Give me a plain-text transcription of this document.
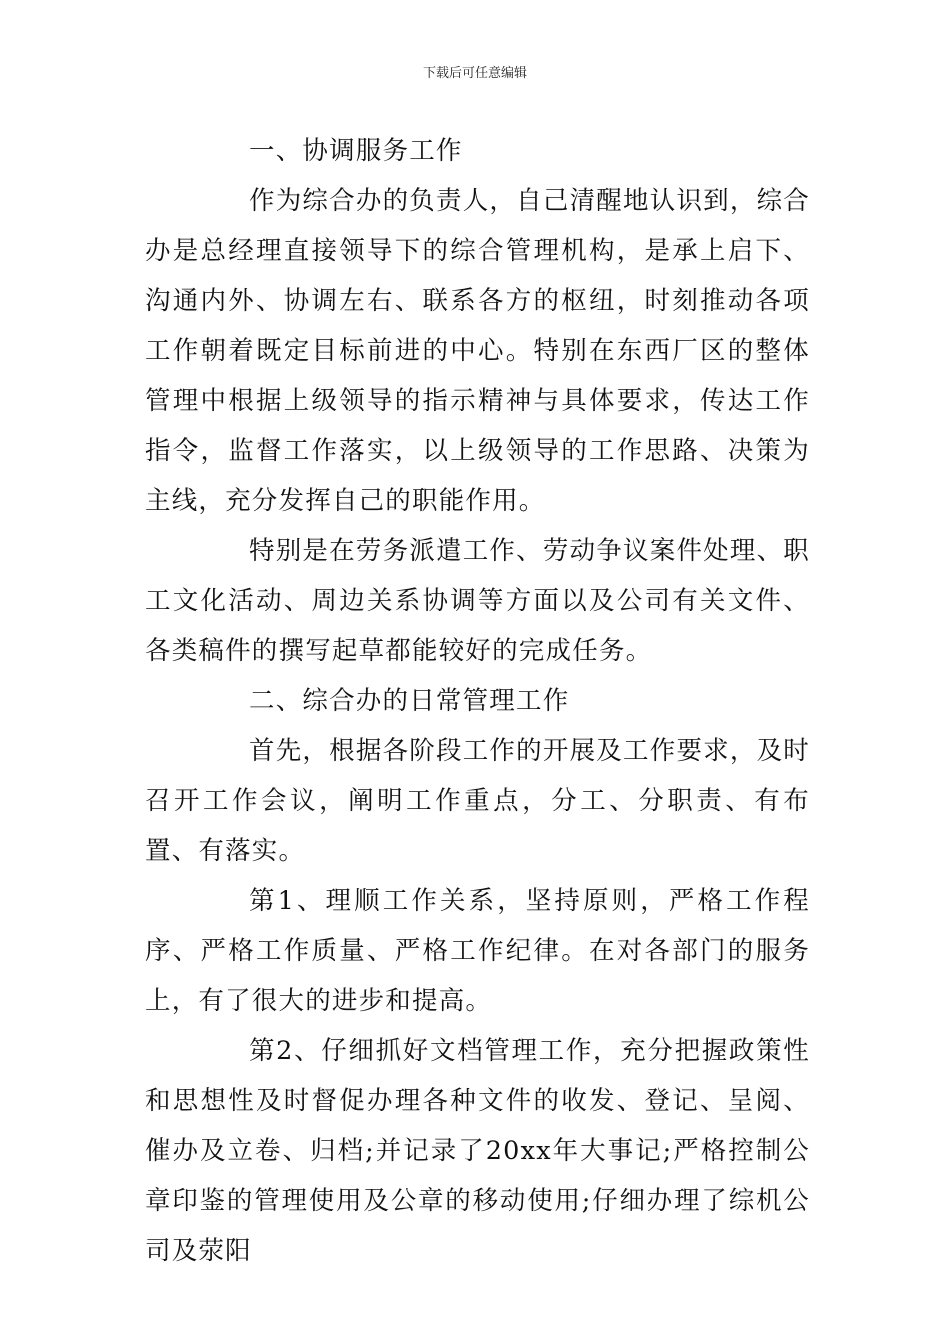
下载后可任意编辑

一、协调服务工作

作为综合办的负责人，自己清醒地认识到，综合办是总经理直接领导下的综合管理机构，是承上启下、沟通内外、协调左右、联系各方的枢纽，时刻推动各项工作朝着既定目标前进的中心。特别在东西厂区的整体管理中根据上级领导的指示精神与具体要求，传达工作指令，监督工作落实，以上级领导的工作思路、决策为主线，充分发挥自己的职能作用。

特别是在劳务派遣工作、劳动争议案件处理、职工文化活动、周边关系协调等方面以及公司有关文件、各类稿件的撰写起草都能较好的完成任务。

二、综合办的日常管理工作

首先，根据各阶段工作的开展及工作要求，及时召开工作会议，阐明工作重点，分工、分职责、有布置、有落实。

第1、理顺工作关系，坚持原则，严格工作程序、严格工作质量、严格工作纪律。在对各部门的服务上，有了很大的进步和提高。

第2、仔细抓好文档管理工作，充分把握政策性和思想性及时督促办理各种文件的收发、登记、呈阅、催办及立卷、归档;并记录了20xx年大事记;严格控制公章印鉴的管理使用及公章的移动使用;仔细办理了综机公司及荥阳
